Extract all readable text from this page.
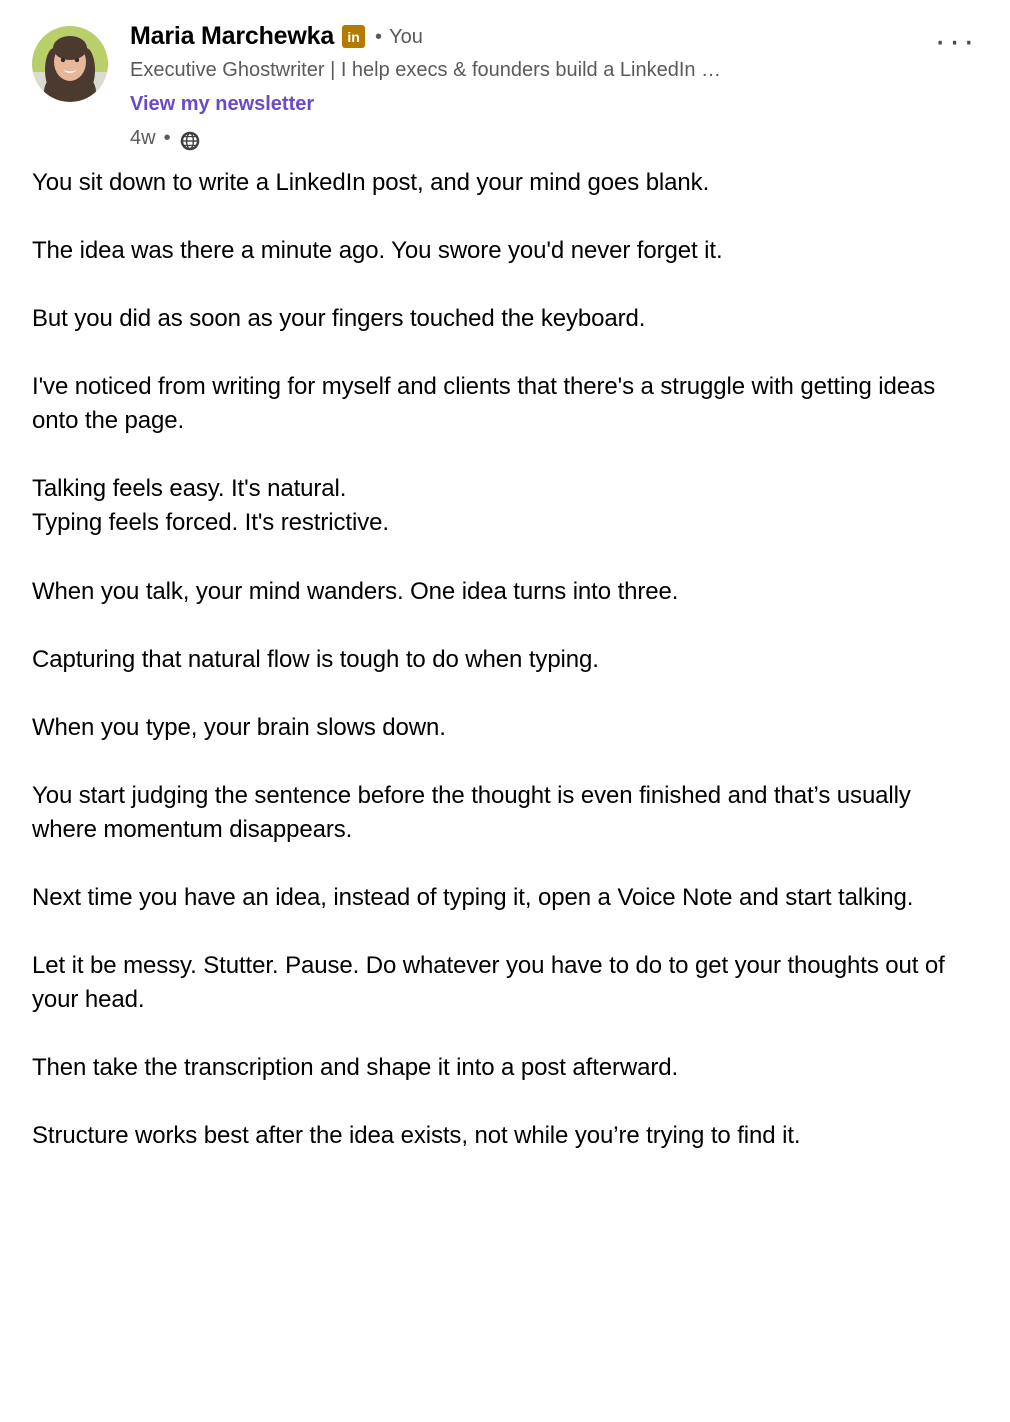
Maria Marchewka in • You
Executive Ghostwriter | I help execs & founders build a LinkedIn …
View my newsletter
4w •
···

You sit down to write a LinkedIn post, and your mind goes blank.

The idea was there a minute ago. You swore you'd never forget it.

But you did as soon as your fingers touched the keyboard.

I've noticed from writing for myself and clients that there's a struggle with getting ideas onto the page.

Talking feels easy. It's natural.
Typing feels forced. It's restrictive.

When you talk, your mind wanders. One idea turns into three.

Capturing that natural flow is tough to do when typing.

When you type, your brain slows down.

You start judging the sentence before the thought is even finished and that’s usually where momentum disappears.

Next time you have an idea, instead of typing it, open a Voice Note and start talking.

Let it be messy. Stutter. Pause. Do whatever you have to do to get your thoughts out of your head.

Then take the transcription and shape it into a post afterward.

Structure works best after the idea exists, not while you’re trying to find it.
